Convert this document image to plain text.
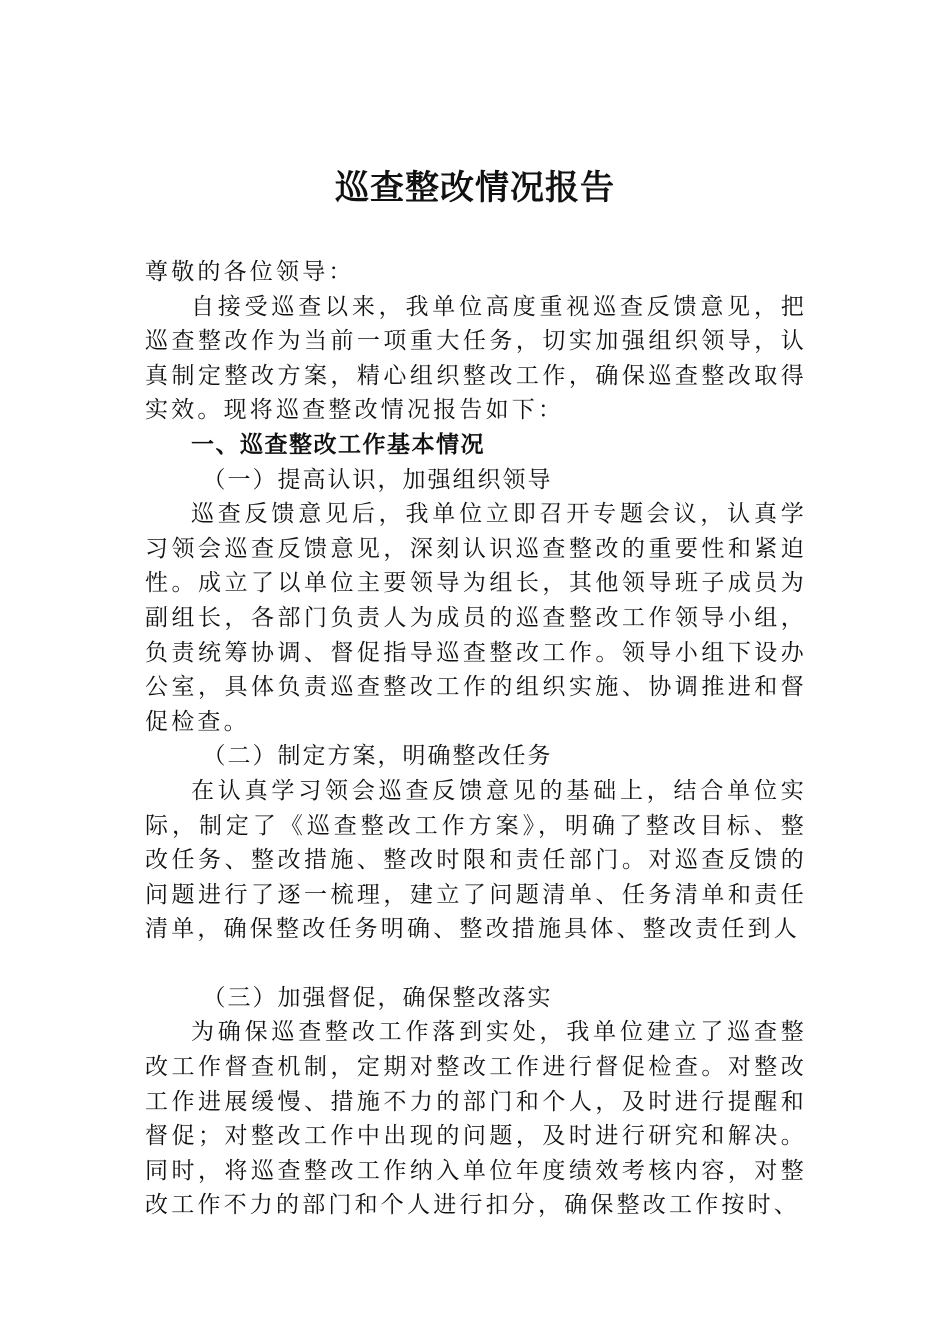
巡查整改情况报告

尊敬的各位领导：

自接受巡查以来，我单位高度重视巡查反馈意见，把巡查整改作为当前一项重大任务，切实加强组织领导，认真制定整改方案，精心组织整改工作，确保巡查整改取得实效。现将巡查整改情况报告如下：

一、巡查整改工作基本情况

（一）提高认识，加强组织领导

巡查反馈意见后，我单位立即召开专题会议，认真学习领会巡查反馈意见，深刻认识巡查整改的重要性和紧迫性。成立了以单位主要领导为组长，其他领导班子成员为副组长，各部门负责人为成员的巡查整改工作领导小组，负责统筹协调、督促指导巡查整改工作。领导小组下设办公室，具体负责巡查整改工作的组织实施、协调推进和督促检查。

（二）制定方案，明确整改任务

在认真学习领会巡查反馈意见的基础上，结合单位实际，制定了《巡查整改工作方案》，明确了整改目标、整改任务、整改措施、整改时限和责任部门。对巡查反馈的问题进行了逐一梳理，建立了问题清单、任务清单和责任清单，确保整改任务明确、整改措施具体、整改责任到人

（三）加强督促，确保整改落实

为确保巡查整改工作落到实处，我单位建立了巡查整改工作督查机制，定期对整改工作进行督促检查。对整改工作进展缓慢、措施不力的部门和个人，及时进行提醒和督促；对整改工作中出现的问题，及时进行研究和解决。同时，将巡查整改工作纳入单位年度绩效考核内容，对整改工作不力的部门和个人进行扣分，确保整改工作按时、
